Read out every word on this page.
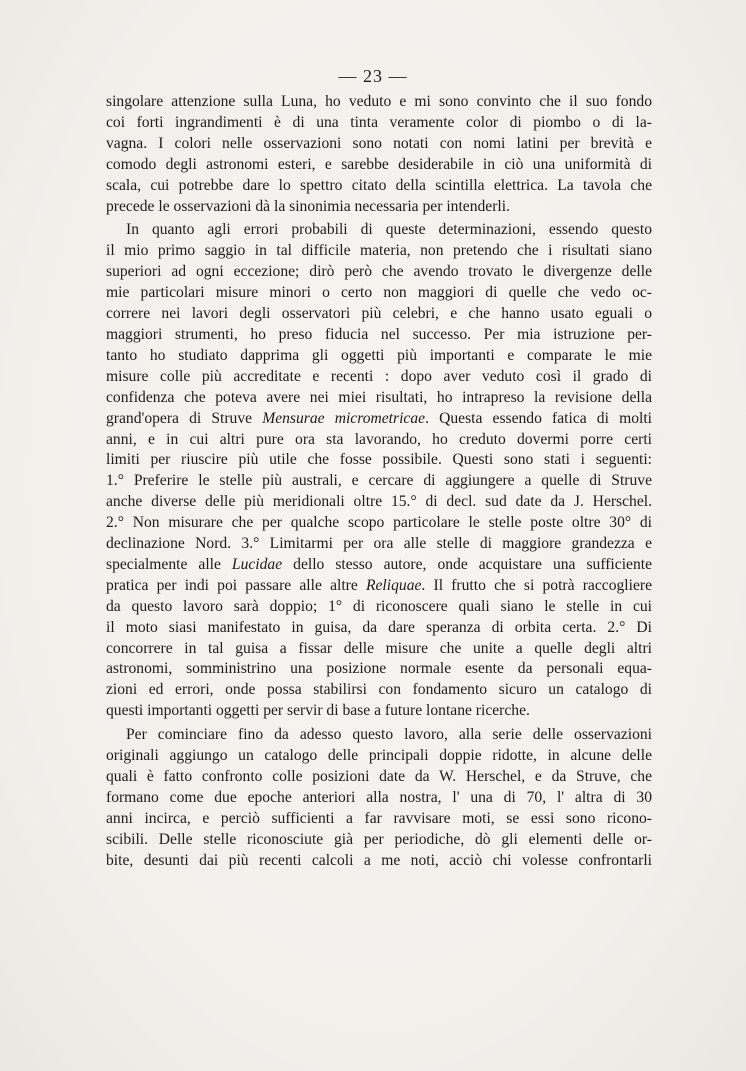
— 23 —
singolare attenzione sulla Luna, ho veduto e mi sono convinto che il suo fondo
coi forti ingrandimenti è di una tinta veramente color di piombo o di la-
vagna. I colori nelle osservazioni sono notati con nomi latini per brevità e
comodo degli astronomi esteri, e sarebbe desiderabile in ciò una uniformità di
scala, cui potrebbe dare lo spettro citato della scintilla elettrica. La tavola che
precede le osservazioni dà la sinonimia necessaria per intenderli.
In quanto agli errori probabili di queste determinazioni, essendo questo
il mio primo saggio in tal difficile materia, non pretendo che i risultati siano
superiori ad ogni eccezione; dirò però che avendo trovato le divergenze delle
mie particolari misure minori o certo non maggiori di quelle che vedo oc-
correre nei lavori degli osservatori più celebri, e che hanno usato eguali o
maggiori strumenti, ho preso fiducia nel successo. Per mia istruzione per-
tanto ho studiato dapprima gli oggetti più importanti e comparate le mie
misure colle più accreditate e recenti : dopo aver veduto così il grado di
confidenza che poteva avere nei miei risultati, ho intrapreso la revisione della
grand'opera di Struve Mensurae micrometricae. Questa essendo fatica di molti
anni, e in cui altri pure ora sta lavorando, ho creduto dovermi porre certi
limiti per riuscire più utile che fosse possibile. Questi sono stati i seguenti:
1.° Preferire le stelle più australi, e cercare di aggiungere a quelle di Struve
anche diverse delle più meridionali oltre 15.° di decl. sud date da J. Herschel.
2.° Non misurare che per qualche scopo particolare le stelle poste oltre 30° di
declinazione Nord. 3.° Limitarmi per ora alle stelle di maggiore grandezza e
specialmente alle Lucidae dello stesso autore, onde acquistare una sufficiente
pratica per indi poi passare alle altre Reliquae. Il frutto che si potrà raccogliere
da questo lavoro sarà doppio; 1° di riconoscere quali siano le stelle in cui
il moto siasi manifestato in guisa, da dare speranza di orbita certa. 2.° Di
concorrere in tal guisa a fissar delle misure che unite a quelle degli altri
astronomi, somministrino una posizione normale esente da personali equa-
zioni ed errori, onde possa stabilirsi con fondamento sicuro un catalogo di
questi importanti oggetti per servir di base a future lontane ricerche.
Per cominciare fino da adesso questo lavoro, alla serie delle osservazioni
originali aggiungo un catalogo delle principali doppie ridotte, in alcune delle
quali è fatto confronto colle posizioni date da W. Herschel, e da Struve, che
formano come due epoche anteriori alla nostra, l' una di 70, l' altra di 30
anni incirca, e perciò sufficienti a far ravvisare moti, se essi sono ricono-
scibili. Delle stelle riconosciute già per periodiche, dò gli elementi delle or-
bite, desunti dai più recenti calcoli a me noti, acciò chi volesse confrontarli
